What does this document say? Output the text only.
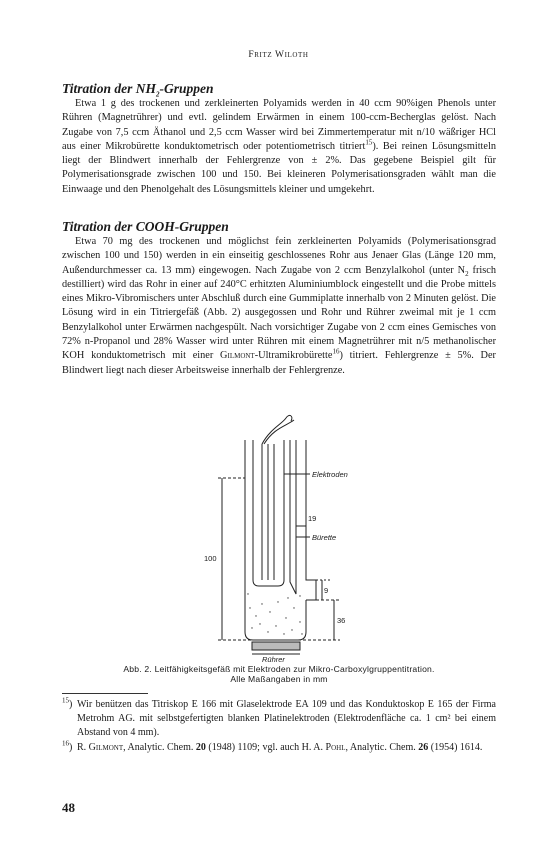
Fritz Wiloth
Titration der $NH_2$-Gruppen

Etwa 1 g des trockenen und zerkleinerten Polyamids werden in 40 ccm 90%igen Phenols unter Rühren (Magnetrührer) und evtl. gelindem Erwärmen in einem 100-ccm-Becherglas gelöst. Nach Zugabe von 7,5 ccm Äthanol und 2,5 ccm Wasser wird bei Zimmertemperatur mit n/10 wäßriger HCl aus einer Mikrobürette konduktometrisch oder potentiometrisch titriert$^{15}$). Bei reinen Lösungsmitteln liegt der Blindwert innerhalb der Fehlergrenze von ± 2%. Das gegebene Beispiel gilt für Polymerisationsgrade zwischen 100 und 150. Bei kleineren Polymerisationsgraden wählt man die Einwaage und den Phenolgehalt des Lösungsmittels kleiner und umgekehrt.

Titration der COOH-Gruppen

Etwa 70 mg des trockenen und möglichst fein zerkleinerten Polyamids (Polymerisationsgrad zwischen 100 und 150) werden in ein einseitig geschlossenes Rohr aus Jenaer Glas (Länge 120 mm, Außendurchmesser ca. 13 mm) eingewogen. Nach Zugabe von 2 ccm Benzylalkohol (unter $N_2$ frisch destilliert) wird das Rohr in einer auf 240°C erhitzten Aluminiumblock eingestellt und die Probe mittels eines Mikro-Vibromischers unter Abschluß durch eine Gummiplatte innerhalb von 2 Minuten gelöst. Die Lösung wird in ein Titriergefäß (Abb. 2) ausgegossen und Rohr und Rührer zweimal mit je 1 ccm Benzylalkohol unter Erwärmen nachgespült. Nach vorsichtiger Zugabe von 2 ccm eines Gemisches von 72% n-Propanol und 28% Wasser wird unter Rühren mit einem Magnetrührer mit n/5 methanolischer KOH konduktometrisch mit einer Gilmont-Ultramikrobürette$^{16}$) titriert. Fehlergrenze ± 5%. Der Blindwert liegt nach dieser Arbeitsweise innerhalb der Fehlergrenze.

Elektroden
Bürette
Rührer
100
19
9
36
Abb. 2. Leitfähigkeitsgefäß mit Elektroden zur Mikro-Carboxylgruppentitration.
Alle Maßangaben in mm

$^{15}$) Wir benützen das Titriskop E 166 mit Glaselektrode EA 109 und das Konduktoskop E 165 der Firma Metrohm AG. mit selbstgefertigten blanken Platinelektroden (Elektrodenfläche ca. 1 cm² bei einem Abstand von 4 mm).

$^{16}$) R. Gilmont, Analytic. Chem. 20 (1948) 1109; vgl. auch H. A. Pohl, Analytic. Chem. 26 (1954) 1614.

48
